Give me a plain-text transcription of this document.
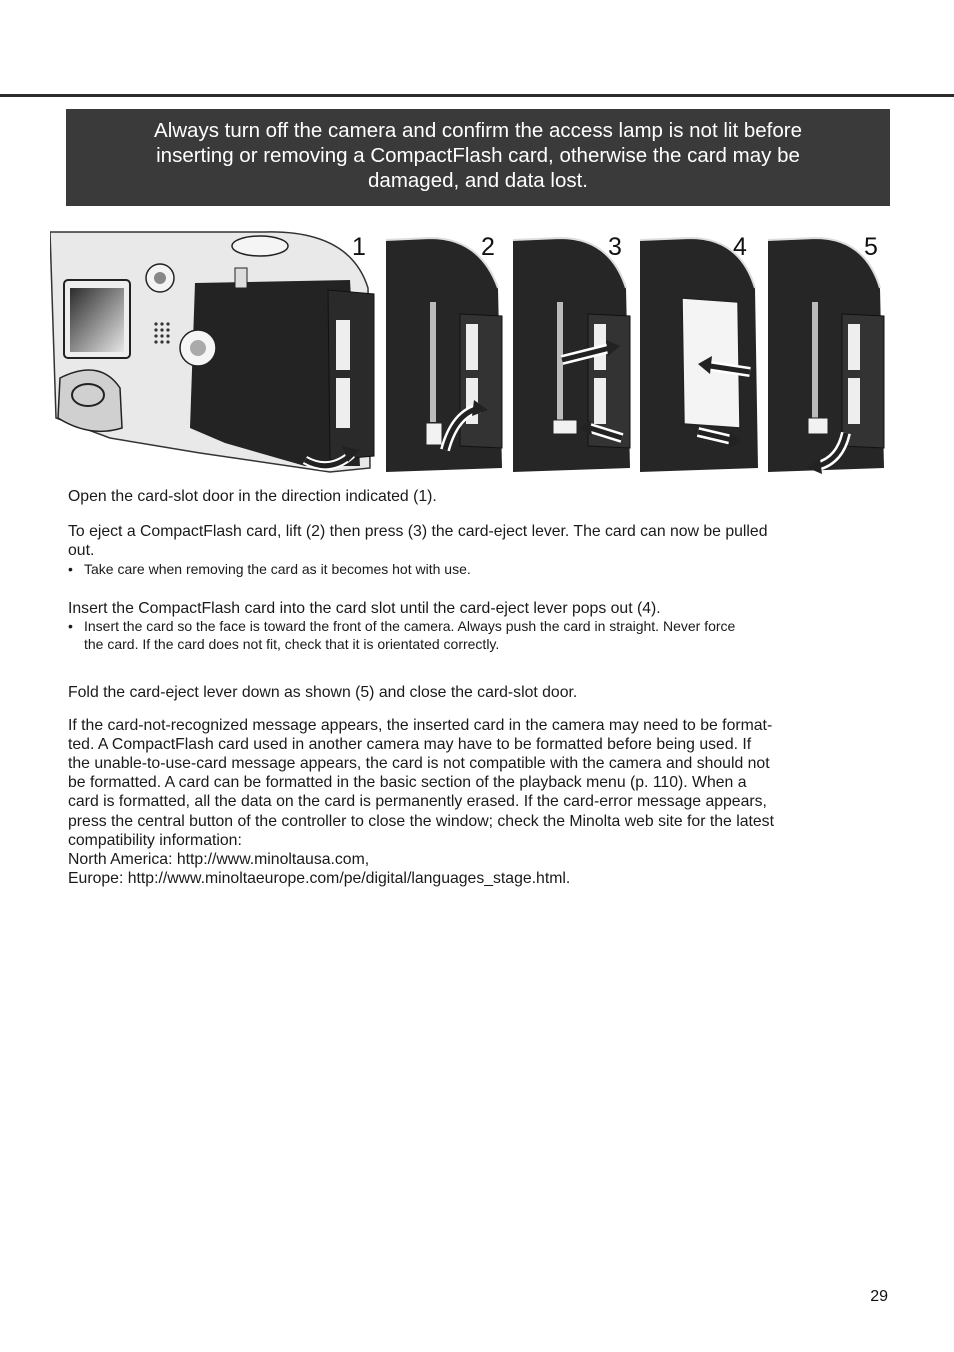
Always turn off the camera and confirm the access lamp is not lit before
inserting or removing a CompactFlash card, otherwise the card may be
damaged, and data lost.
1	2	3	4	5

Open the card-slot door in the direction indicated (1).

To eject a CompactFlash card, lift (2) then press (3) the card-eject lever. The card can now be pulled

out.

• Take care when removing the card as it becomes hot with use.

Insert the CompactFlash card into the card slot until the card-eject lever pops out (4).

• Insert the card so the face is toward the front of the camera. Always push the card in straight. Never force
the card. If the card does not fit, check that it is orientated correctly.

Fold the card-eject lever down as shown (5) and close the card-slot door.

If the card-not-recognized message appears, the inserted card in the camera may need to be format-

ted. A CompactFlash card used in another camera may have to be formatted before being used. If

the unable-to-use-card message appears, the card is not compatible with the camera and should not

be formatted. A card can be formatted in the basic section of the playback menu (p. 110). When a

card is formatted, all the data on the card is permanently erased. If the card-error message appears,

press the central button of the controller to close the window; check the Minolta web site for the latest

compatibility information:

North America: http://www.minoltausa.com,

Europe: http://www.minoltaeurope.com/pe/digital/languages_stage.html.

29
